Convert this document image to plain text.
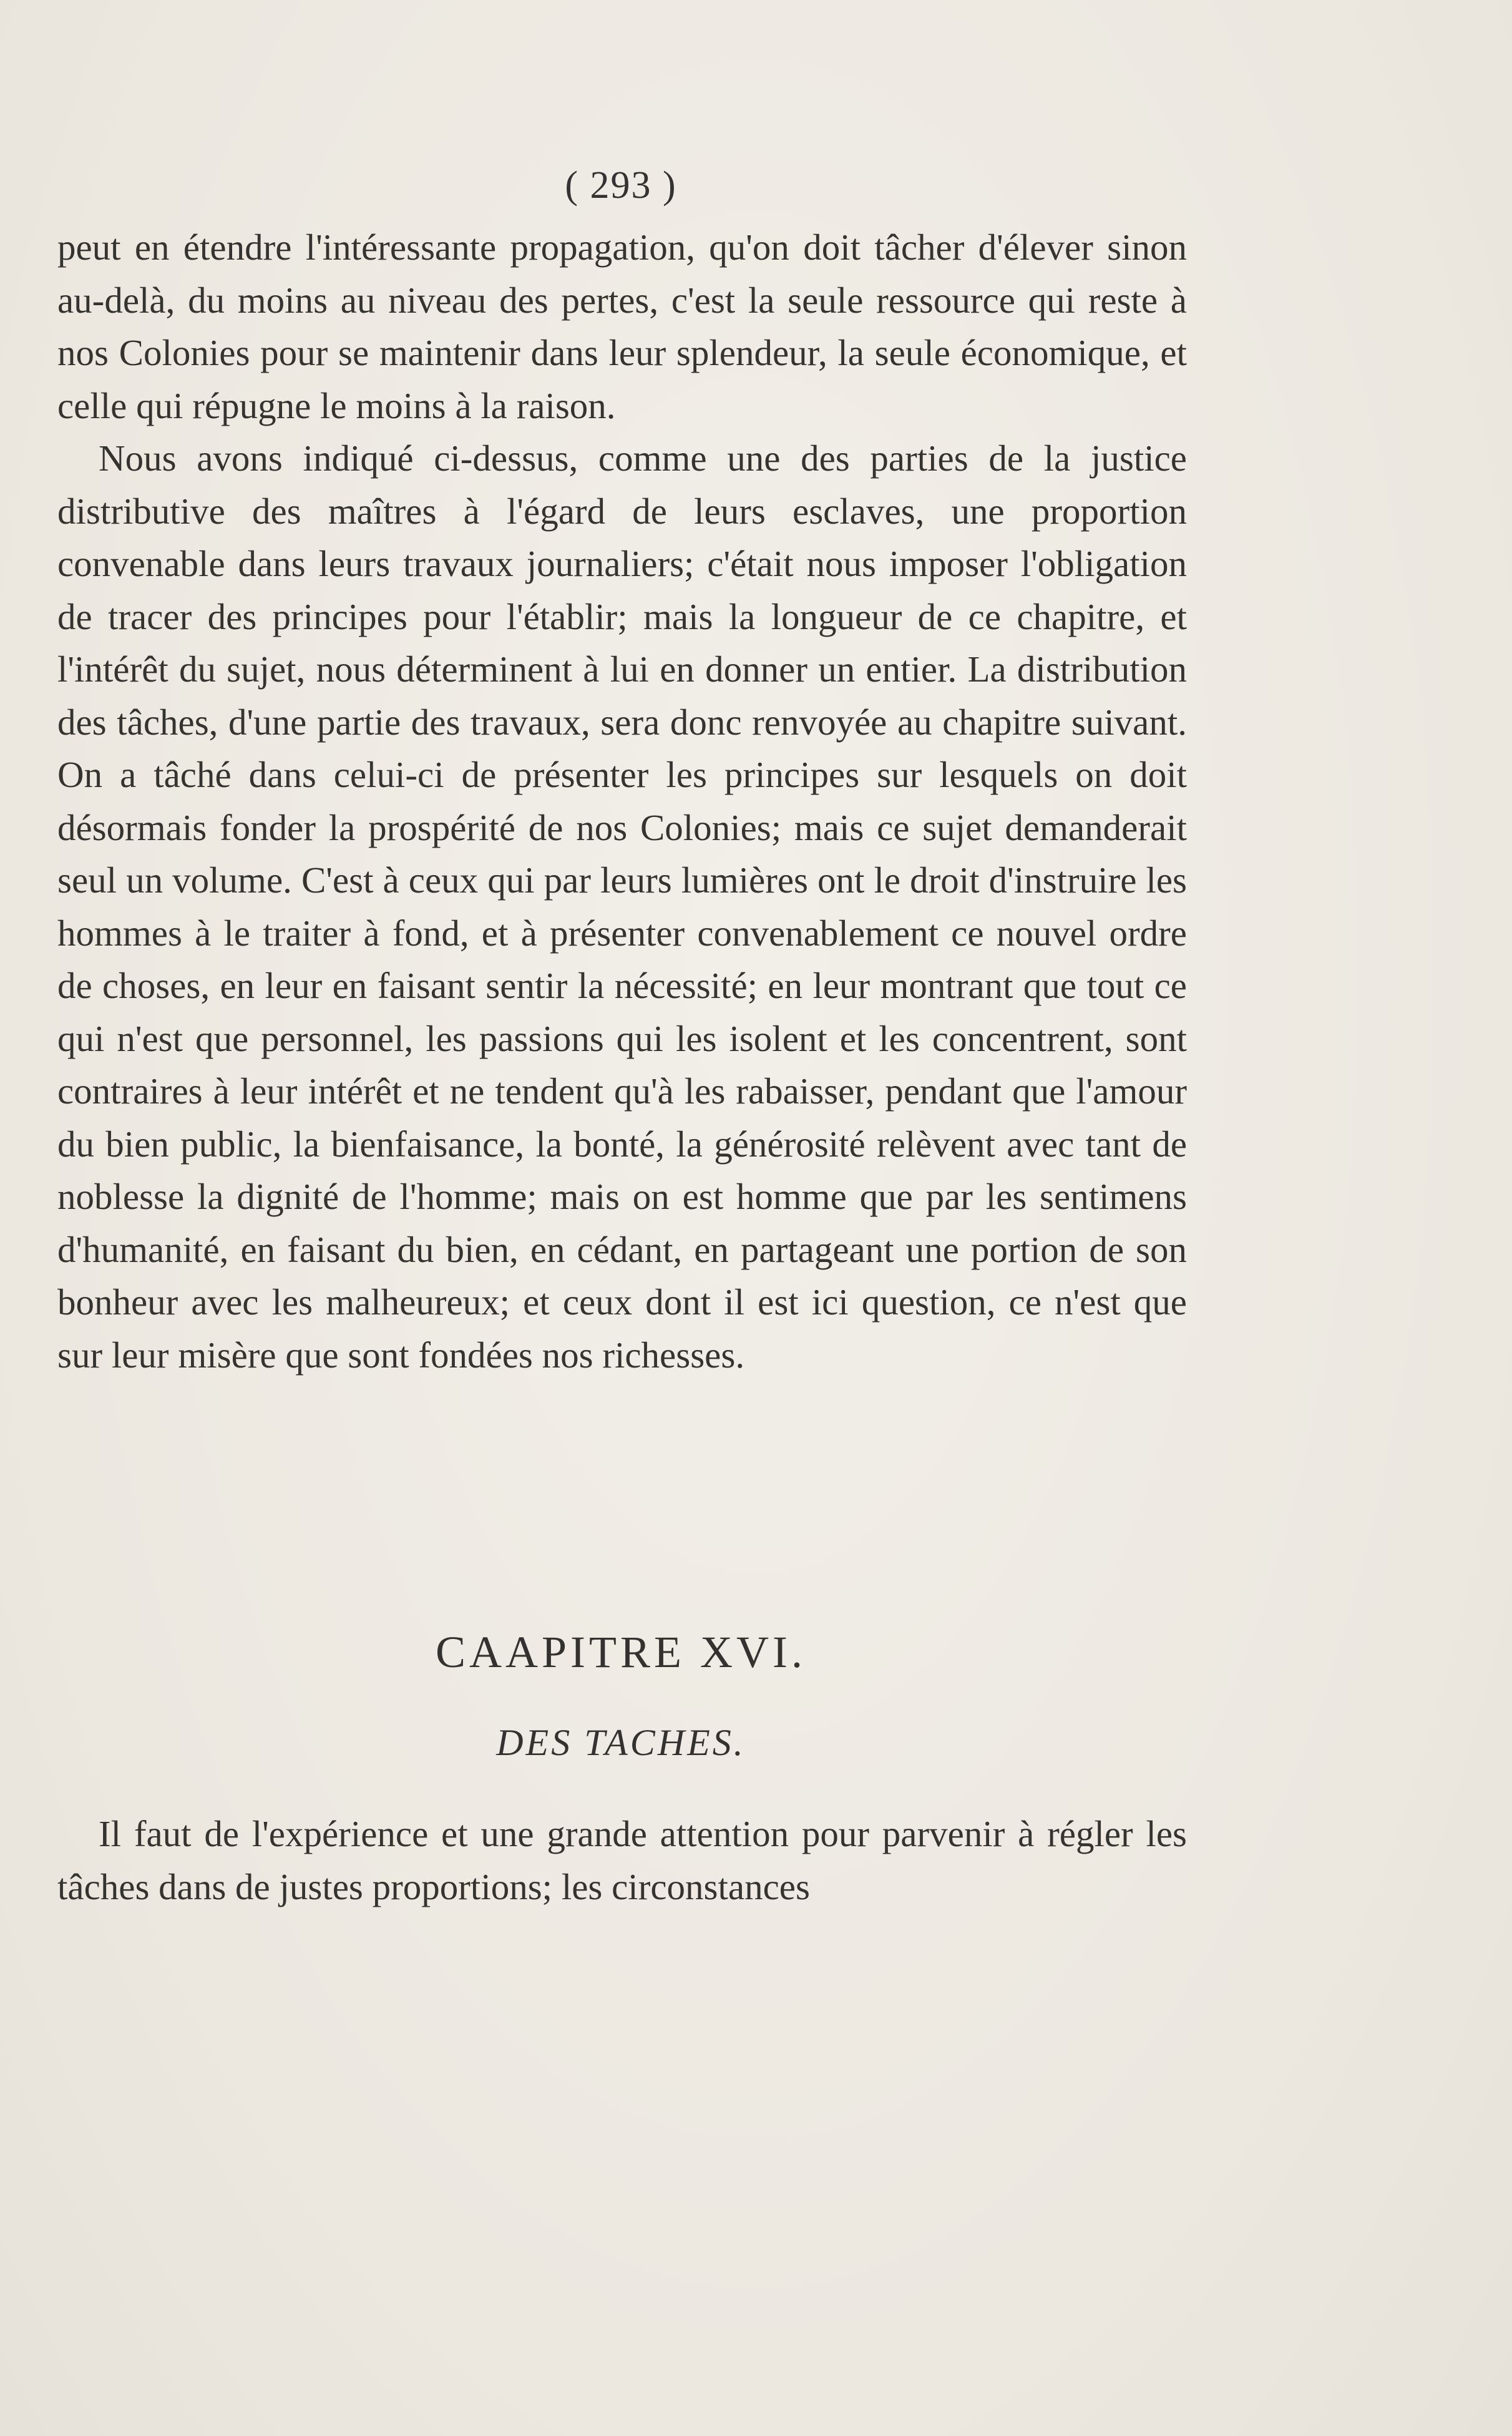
( 293 )

peut en étendre l'intéressante propagation, qu'on doit tâcher d'élever sinon au-delà, du moins au niveau des pertes, c'est la seule ressource qui reste à nos Colonies pour se maintenir dans leur splendeur, la seule économique, et celle qui répugne le moins à la raison.

Nous avons indiqué ci-dessus, comme une des parties de la justice distributive des maîtres à l'égard de leurs esclaves, une proportion convenable dans leurs travaux journaliers; c'était nous imposer l'obligation de tracer des principes pour l'établir; mais la longueur de ce chapitre, et l'intérêt du sujet, nous déterminent à lui en donner un entier. La distribution des tâches, d'une partie des travaux, sera donc renvoyée au chapitre suivant. On a tâché dans celui-ci de présenter les principes sur lesquels on doit désormais fonder la prospérité de nos Colonies; mais ce sujet demanderait seul un volume. C'est à ceux qui par leurs lumières ont le droit d'instruire les hommes à le traiter à fond, et à présenter convenablement ce nouvel ordre de choses, en leur en faisant sentir la nécessité; en leur montrant que tout ce qui n'est que personnel, les passions qui les isolent et les concentrent, sont contraires à leur intérêt et ne tendent qu'à les rabaisser, pendant que l'amour du bien public, la bienfaisance, la bonté, la générosité relèvent avec tant de noblesse la dignité de l'homme; mais on est homme que par les sentimens d'humanité, en faisant du bien, en cédant, en partageant une portion de son bonheur avec les malheureux; et ceux dont il est ici question, ce n'est que sur leur misère que sont fondées nos richesses.

CAAPITRE XVI.
DES TACHES.

Il faut de l'expérience et une grande attention pour parvenir à régler les tâches dans de justes proportions; les circonstances
